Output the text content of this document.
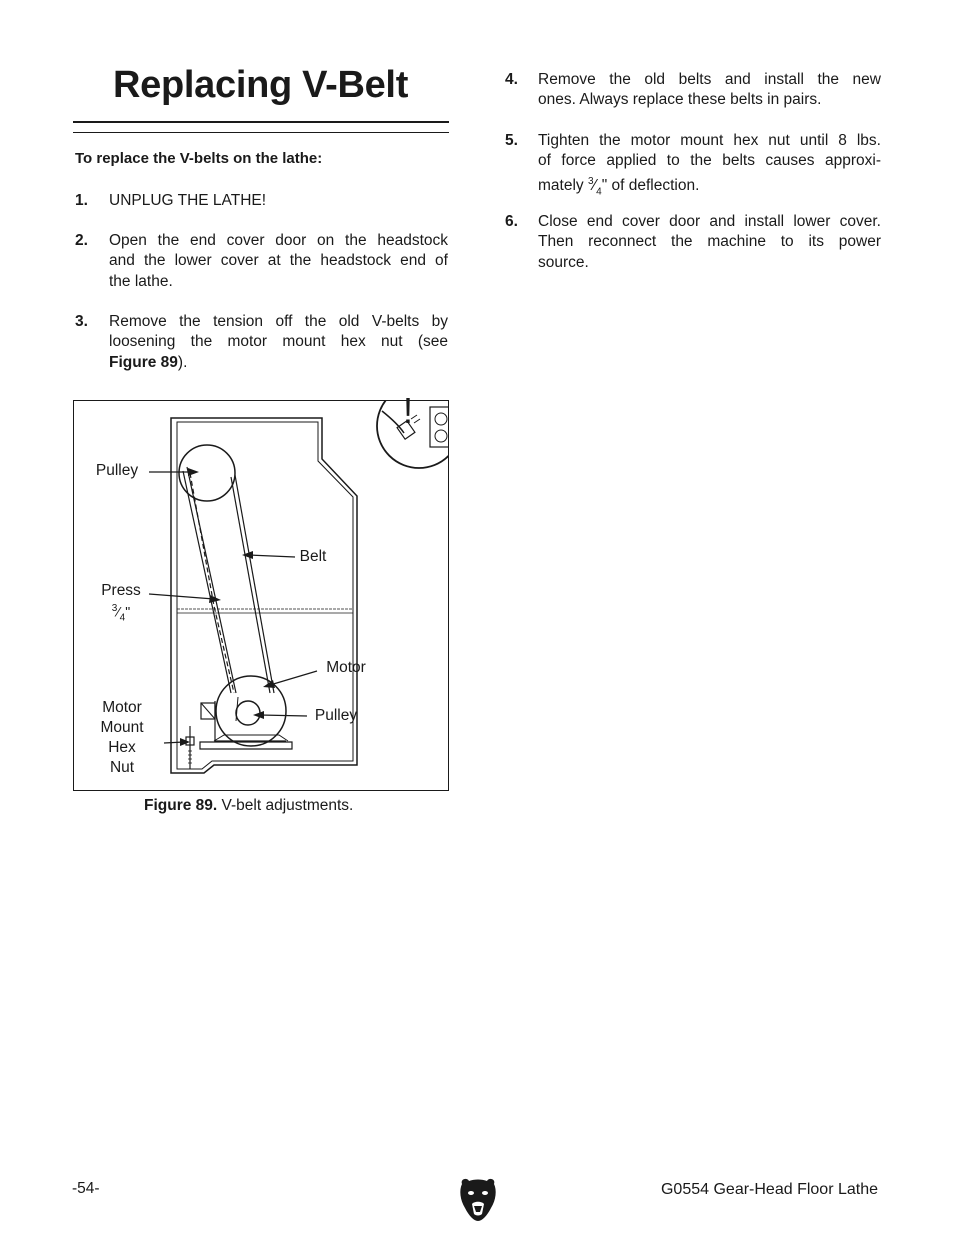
Replacing V-Belt
To replace the V-belts on the lathe:
1. UNPLUG THE LATHE!
2. Open the end cover door on the headstock
and the lower cover at the headstock end of
the lathe.
3. Remove the tension off the old V-belts by
loosening the motor mount hex nut (see
Figure 89).
4. Remove the old belts and install the new
ones. Always replace these belts in pairs.
5. Tighten the motor mount hex nut until 8 lbs.
of force applied to the belts causes approxi-
mately $^3⁄_4$" of deflection.
6. Close end cover door and install lower cover.
Then reconnect the machine to its power
source.
Pulley
Belt
Press
$^3⁄_4$"
Motor
Pulley
Motor
Mount
Hex
Nut
!
Figure 89. V-belt adjustments.
-54-	G0554 Gear-Head Floor Lathe
